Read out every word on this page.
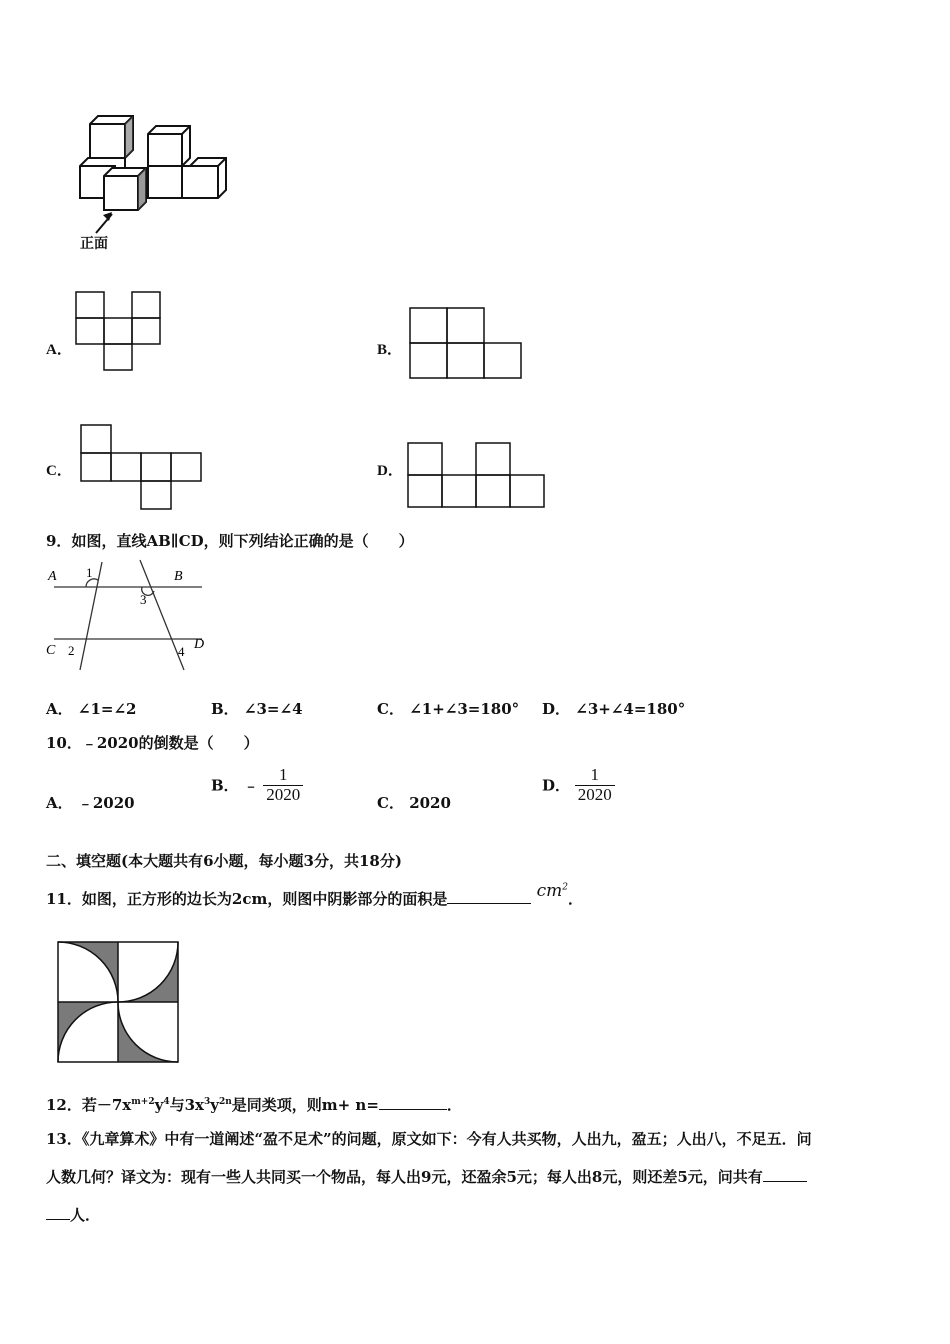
正面
A．	B．
C．	D．
9．如图，直线AB∥CD，则下列结论正确的是（　　）
A	B
C	D
1
2
3
4
A． ∠1=∠2	B． ∠3=∠4	C． ∠1+∠3=180° D． ∠3+∠4=180°
10．﹣2020的倒数是（　　）
A． ﹣2020
B． ﹣ $\frac{1}{2020}$	C． 2020
D． $\frac{1}{2020}$
二、填空题(本大题共有6小题，每小题3分，共18分)
11．如图，正方形的边长为2cm，则图中阴影部分的面积是	$cm^2$．
12．若$-7x^{m+2}y^4$与$3x^3y^{2n}$是同类项，则m+ n=	．
13．《九章算术》中有一道阐述“盈不足术”的问题，原文如下：今有人共买物，人出九，盈五；人出八，不足五．问
人数几何？译文为：现有一些人共同买一个物品，每人出9元，还盈余5元；每人出8元，则还差5元，问共有
人．
